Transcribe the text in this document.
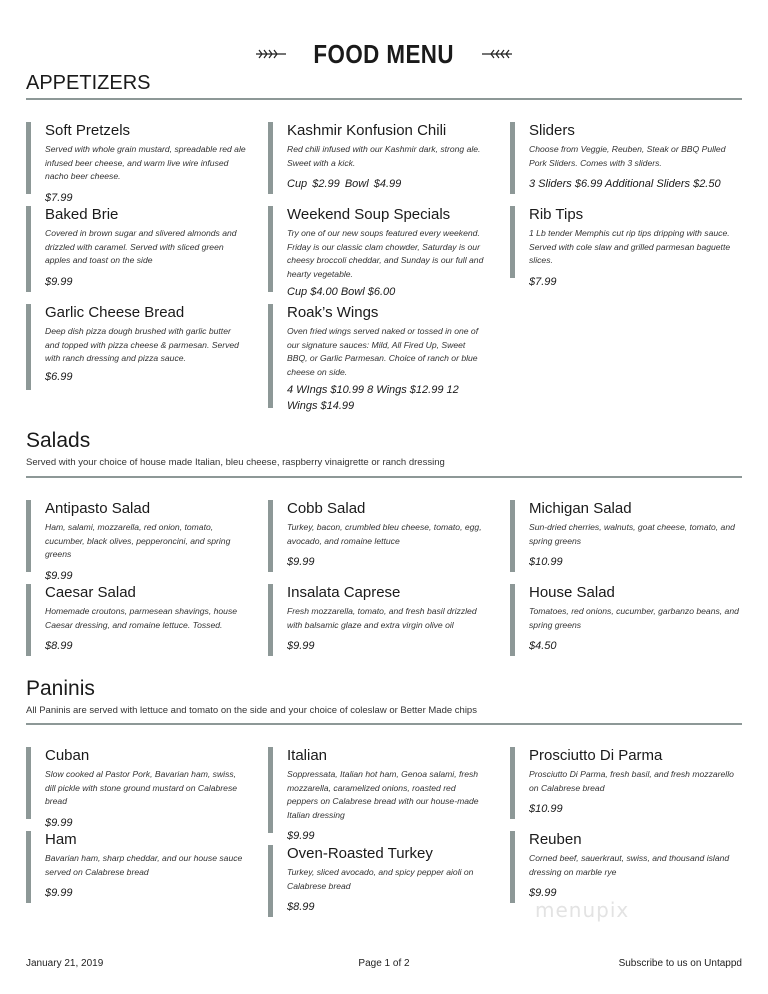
FOOD MENU
APPETIZERS
Soft Pretzels
Served with whole grain mustard, spreadable red ale infused beer cheese, and warm live wire infused nacho beer cheese.
$7.99
Kashmir Konfusion Chili
Red chili infused with our Kashmir dark, strong ale. Sweet with a kick.
Cup $2.99 Bowl $4.99
Sliders
Choose from Veggie, Reuben, Steak or BBQ Pulled Pork Sliders. Comes with 3 sliders.
3 Sliders $6.99 Additional Sliders $2.50
Baked Brie
Covered in brown sugar and slivered almonds and drizzled with caramel. Served with sliced green apples and toast on the side
$9.99
Weekend Soup Specials
Try one of our new soups featured every weekend. Friday is our classic clam chowder, Saturday is our cheesy broccoli cheddar, and Sunday is our full and hearty vegetable.
Cup $4.00 Bowl $6.00
Rib Tips
1 Lb tender Memphis cut rip tips dripping with sauce. Served with cole slaw and grilled parmesan baguette slices.
$7.99
Garlic Cheese Bread
Deep dish pizza dough brushed with garlic butter and topped with pizza cheese & parmesan. Served with ranch dressing and pizza sauce.
$6.99
Roak’s Wings
Oven fried wings served naked or tossed in one of our signature sauces: Mild, All Fired Up, Sweet BBQ, or Garlic Parmesan. Choice of ranch or blue cheese on side.
4 WIngs $10.99 8 Wings $12.99 12 Wings $14.99
Salads
Served with your choice of house made Italian, bleu cheese, raspberry vinaigrette or ranch dressing
Antipasto Salad
Ham, salami, mozzarella, red onion, tomato, cucumber, black olives, pepperoncini, and spring greens
$9.99
Cobb Salad
Turkey, bacon, crumbled bleu cheese, tomato, egg, avocado, and romaine lettuce
$9.99
Michigan Salad
Sun-dried cherries, walnuts, goat cheese, tomato, and spring greens
$10.99
Caesar Salad
Homemade croutons, parmesean shavings, house Caesar dressing, and romaine lettuce. Tossed.
$8.99
Insalata Caprese
Fresh mozzarella, tomato, and fresh basil drizzled with balsamic glaze and extra virgin olive oil
$9.99
House Salad
Tomatoes, red onions, cucumber, garbanzo beans, and spring greens
$4.50
Paninis
All Paninis are served with lettuce and tomato on the side and your choice of coleslaw or Better Made chips
Cuban
Slow cooked al Pastor Pork, Bavarian ham, swiss, dill pickle with stone ground mustard on Calabrese bread
$9.99
Italian
Soppressata, Italian hot ham, Genoa salami, fresh mozzarella, caramelized onions, roasted red peppers on Calabrese bread with our house-made Italian dressing
$9.99
Prosciutto Di Parma
Prosciutto Di Parma, fresh basil, and fresh mozzarello on Calabrese bread
$10.99
Ham
Bavarian ham, sharp cheddar, and our house sauce served on Calabrese bread
$9.99
Oven-Roasted Turkey
Turkey, sliced avocado, and spicy pepper aioli on Calabrese bread
$8.99
Reuben
Corned beef, sauerkraut, swiss, and thousand island dressing on marble rye
$9.99
menupix
January 21, 2019	Page 1 of 2	Subscribe to us on Untappd
